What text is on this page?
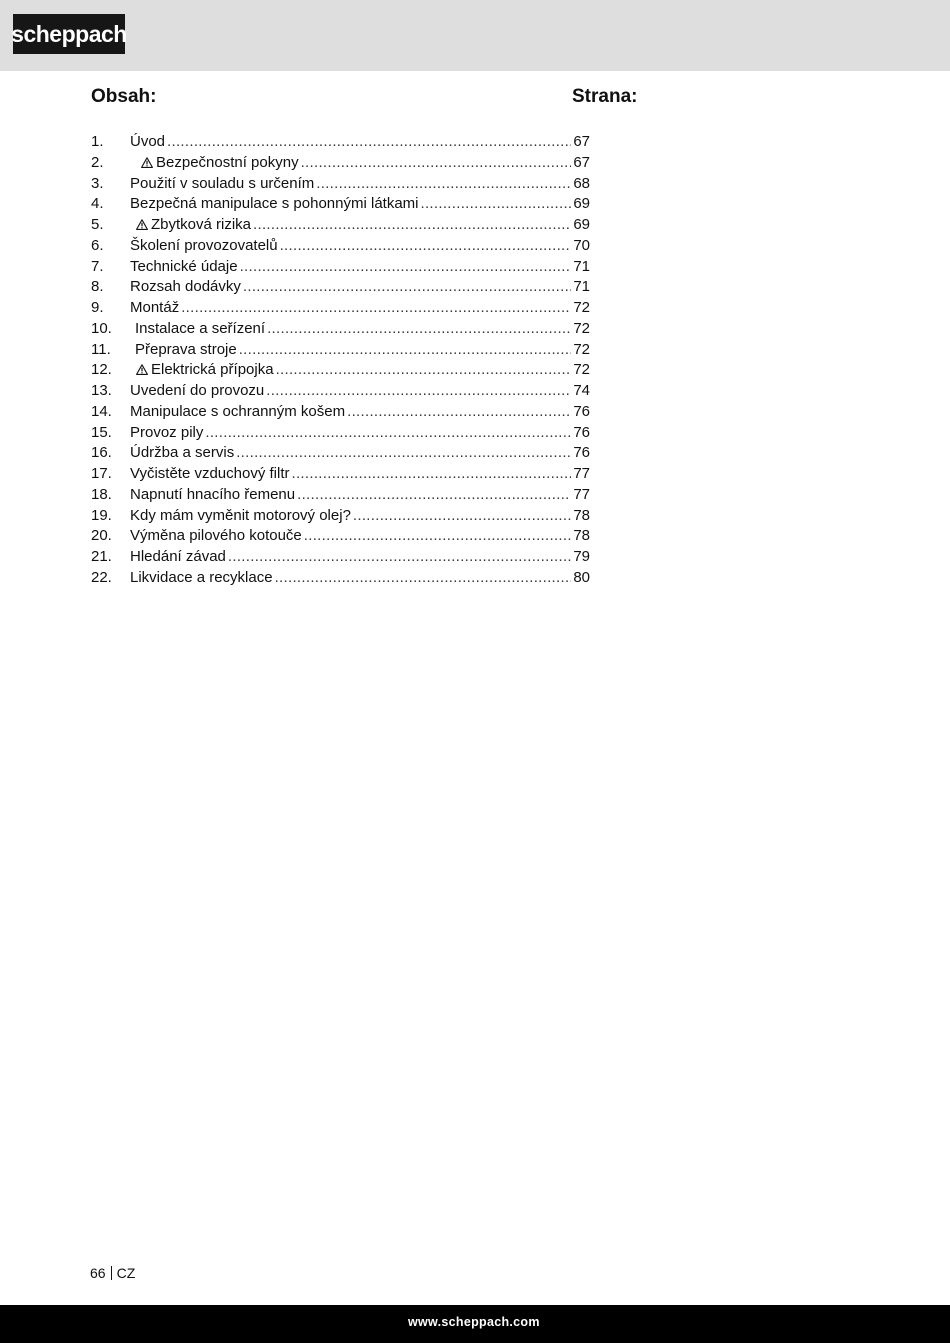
scheppach
Obsah:	Strana:
1.	Úvod .....	67
2.	Bezpečnostní pokyny .....	67
3.	Použití v souladu s určením .....	68
4.	Bezpečná manipulace s pohonnými látkami .....	69
5.	Zbytková rizika .....	69
6.	Školení provozovatelů .....	70
7.	Technické údaje .....	71
8.	Rozsah dodávky .....	71
9.	Montáž .....	72
10.	Instalace a seřízení .....	72
11.	Přeprava stroje .....	72
12.	Elektrická přípojka .....	72
13.	Uvedení do provozu .....	74
14.	Manipulace s ochranným košem .....	76
15.	Provoz pily .....	76
16.	Údržba a servis .....	76
17.	Vyčistěte vzduchový filtr .....	77
18.	Napnutí hnacího řemenu .....	77
19.	Kdy mám vyměnit motorový olej? .....	78
20.	Výměna pilového kotouče .....	78
21.	Hledání závad .....	79
22.	Likvidace a recyklace .....	80
66 CZ
www.scheppach.com
